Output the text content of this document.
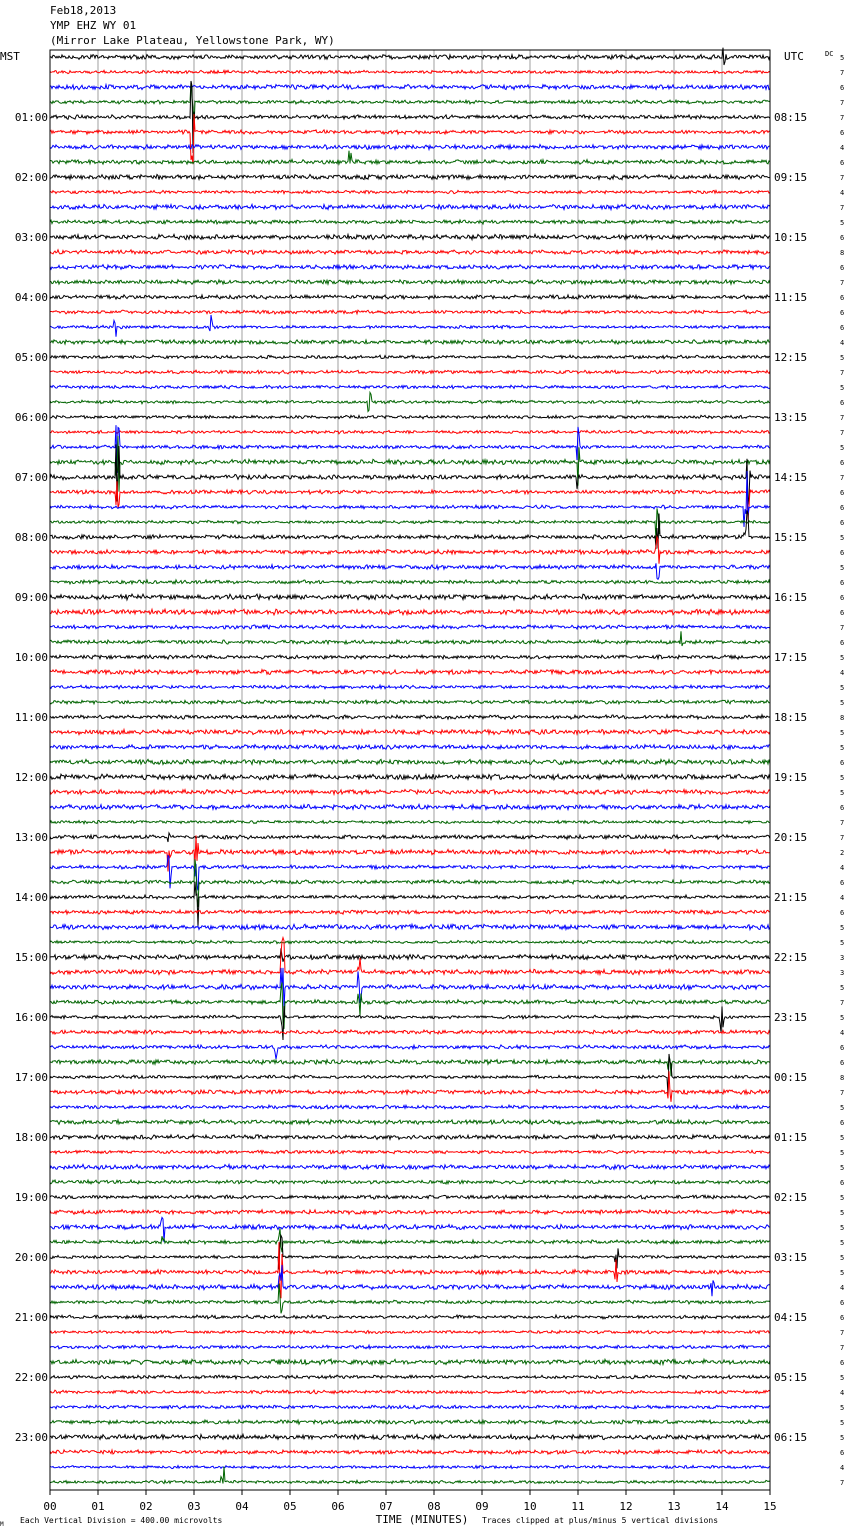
MST	UTC	DC
01:00
02:00
03:00
04:00
05:00
06:00
07:00
08:00
09:00
10:00
11:00
12:00
13:00
14:00
15:00
16:00
17:00
18:00
19:00
20:00
21:00
22:00
23:00
08:15
09:15
10:15
11:15
12:15
13:15
14:15
15:15
16:15
17:15
18:15
19:15
20:15
21:15
22:15
23:15
00:15
01:15
02:15
03:15
04:15
05:15
06:15
5
7
6
7
7
6
4
6
7
4
7
5
6
8
6
7
6
6
6
4
5
7
5
6
7
7
5
6
7
6
6
6
5
6
5
6
6
6
7
6
5
4
5
5
8
5
5
6
5
5
6
7
7
2
4
6
4
6
5
5
3
3
5
7
5
4
6
6
8
7
5
6
5
5
5
6
5
5
5
5
5
5
4
6
6
7
7
6
5
4
5
5
5
6
4
7
00	01	02	03	04	05	06	07	08	09	10	11	12	13	14	15
M Each Vertical Division = 400.00 microvolts	TIME (MINUTES) Traces clipped at plus/minus 5 vertical divisions
Feb18,2013
YMP EHZ WY 01
(Mirror Lake Plateau, Yellowstone Park, WY)
